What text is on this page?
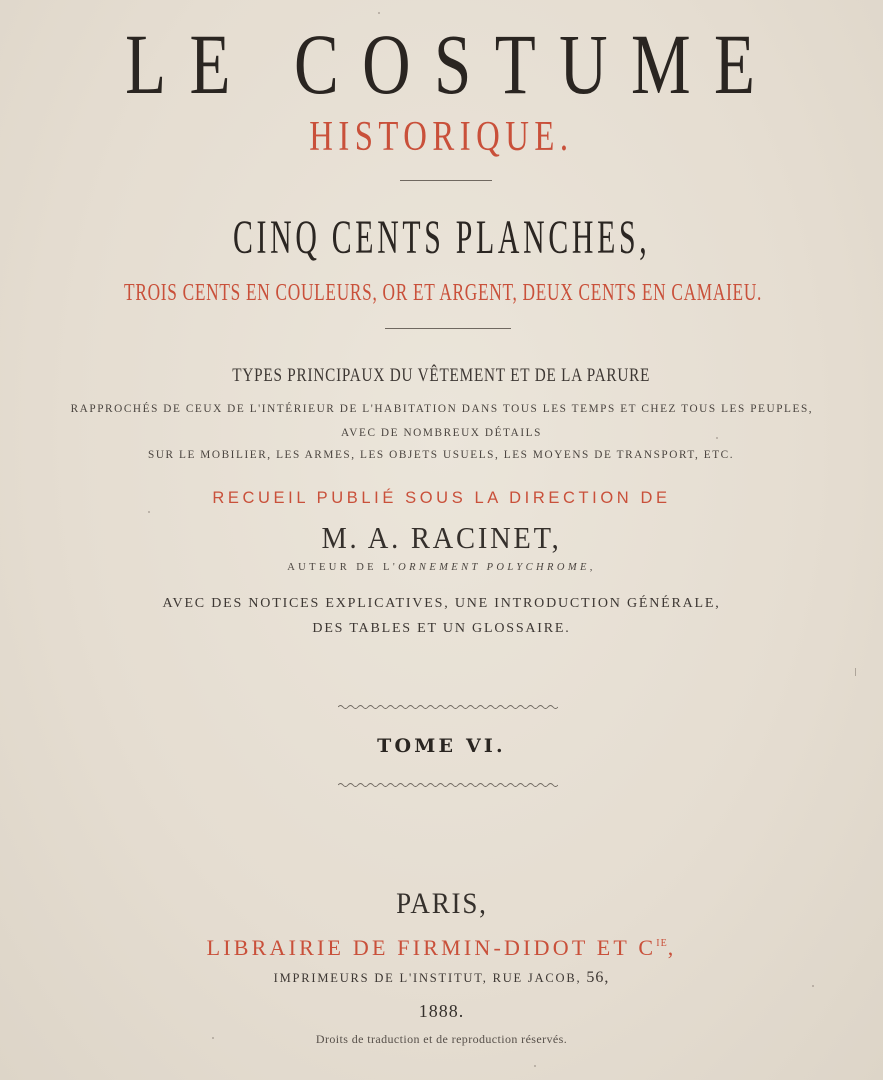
LE COSTUME
HISTORIQUE.
CINQ CENTS PLANCHES,
TROIS CENTS EN COULEURS, OR ET ARGENT, DEUX CENTS EN CAMAIEU.
TYPES PRINCIPAUX DU VÊTEMENT ET DE LA PARURE
RAPPROCHÉS DE CEUX DE L'INTÉRIEUR DE L'HABITATION DANS TOUS LES TEMPS ET CHEZ TOUS LES PEUPLES,
AVEC DE NOMBREUX DÉTAILS
SUR LE MOBILIER, LES ARMES, LES OBJETS USUELS, LES MOYENS DE TRANSPORT, ETC.
RECUEIL PUBLIÉ SOUS LA DIRECTION DE
M. A. RACINET,
AUTEUR DE L'ORNEMENT POLYCHROME,
AVEC DES NOTICES EXPLICATIVES, UNE INTRODUCTION GÉNÉRALE,
DES TABLES ET UN GLOSSAIRE.
TOME VI.
PARIS,
LIBRAIRIE DE FIRMIN-DIDOT ET $C^{IE}$,
IMPRIMEURS DE L'INSTITUT, RUE JACOB, 56,
1888.
Droits de traduction et de reproduction réservés.
